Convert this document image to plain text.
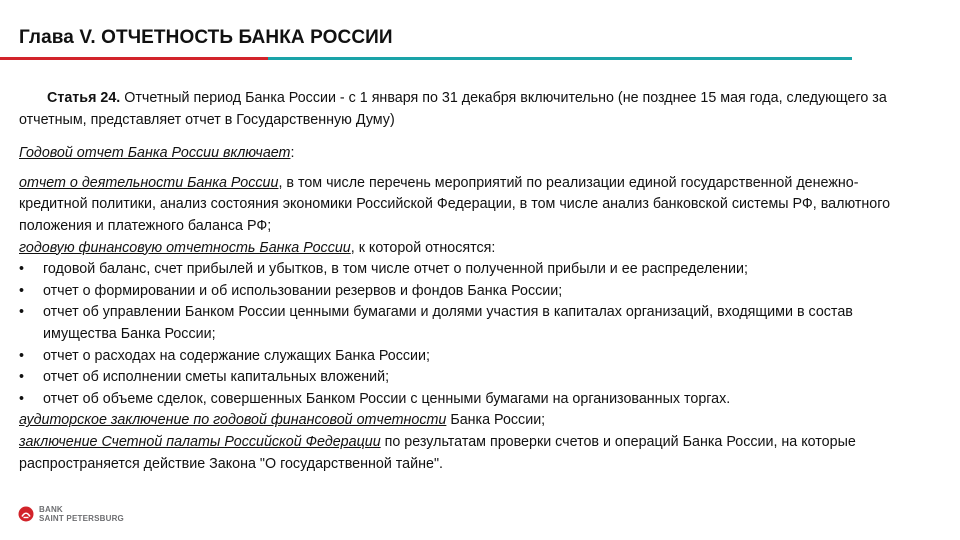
Глава V. ОТЧЕТНОСТЬ БАНКА РОССИИ

Статья 24. Отчетный период Банка России - с 1 января по 31 декабря включительно (не позднее 15 мая года, следующего за отчетным, представляет отчет в Государственную Думу)

Годовой отчет Банка России включает:

отчет о деятельности Банка России, в том числе перечень мероприятий по реализации единой государственной денежно-кредитной политики, анализ состояния экономики Российской Федерации, в том числе анализ банковской системы РФ, валютного положения и платежного баланса РФ;

годовую финансовую отчетность Банка России, к которой относятся:

• годовой баланс, счет прибылей и убытков, в том числе отчет о полученной прибыли и ее распределении;

• отчет о формировании и об использовании резервов и фондов Банка России;

• отчет об управлении Банком России ценными бумагами и долями участия в капиталах организаций, входящими в состав имущества Банка России;

• отчет о расходах на содержание служащих Банка России;

• отчет об исполнении сметы капитальных вложений;

• отчет об объеме сделок, совершенных Банком России с ценными бумагами на организованных торгах.

аудиторское заключение по годовой финансовой отчетности Банка России;

заключение Счетной палаты Российской Федерации по результатам проверки счетов и операций Банка России, на которые распространяется действие Закона "О государственной тайне".

BANK
SAINT PETERSBURG
